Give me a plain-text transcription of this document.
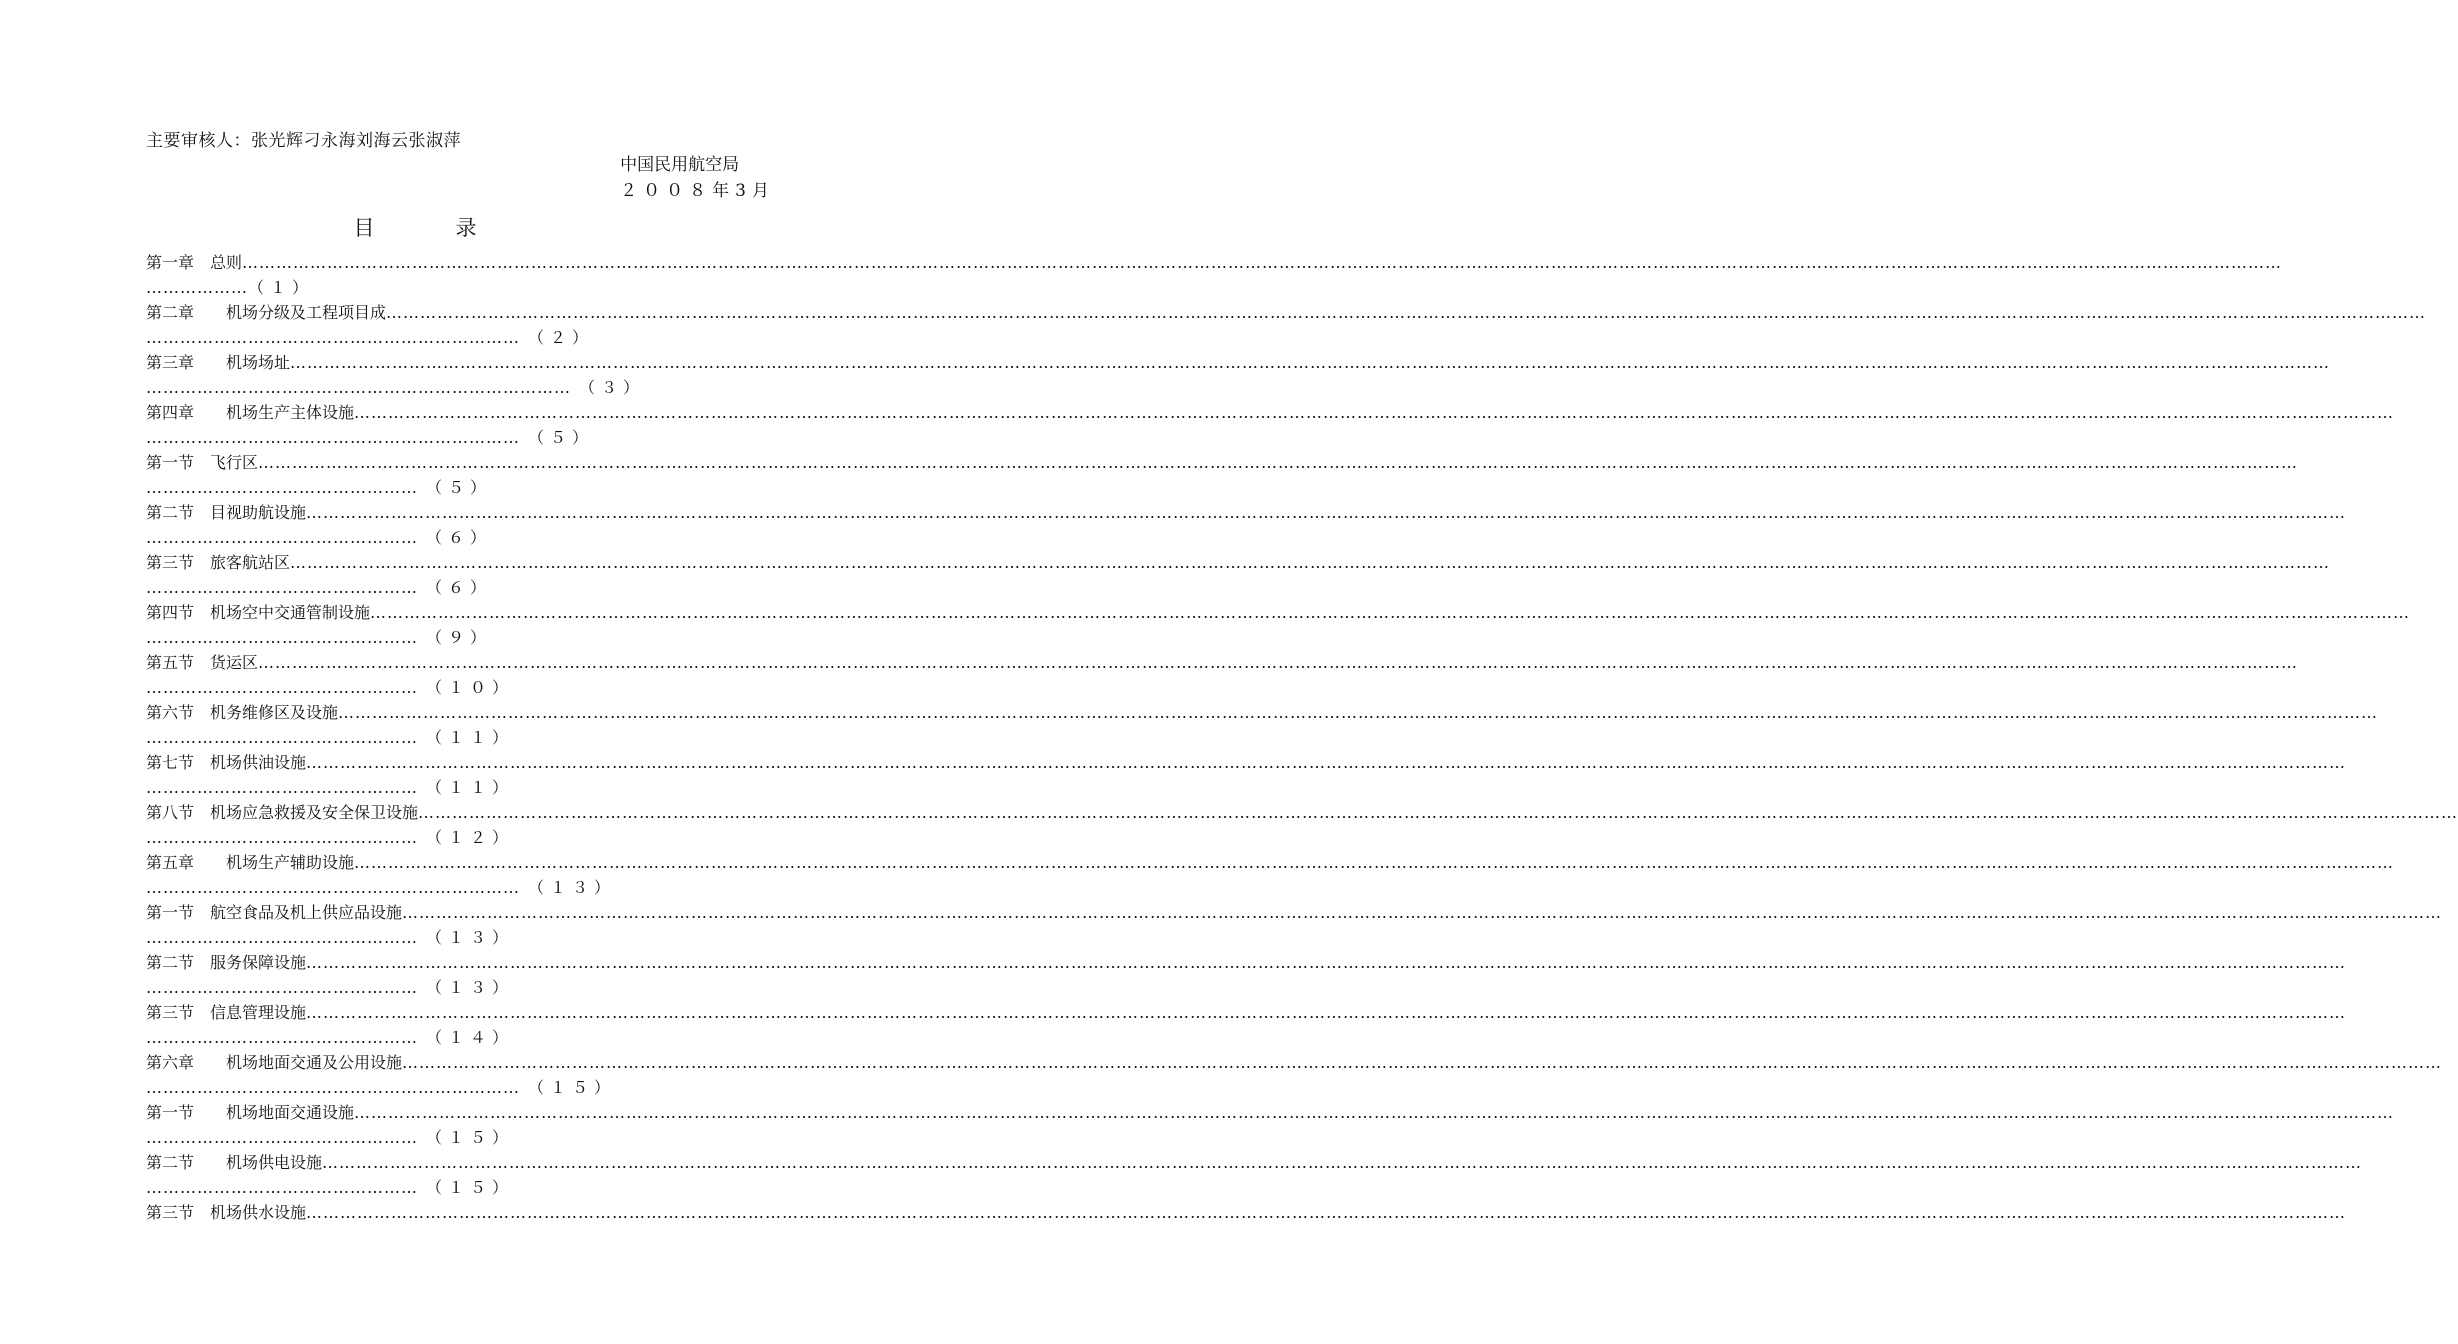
主要审核人：张光辉刁永海刘海云张淑萍
中国民用航空局
２００８年3月
目　录
第一章　总则 ………………………………………………………………………………………………………………………………………………………………………………………………………………………………………………………………………………………………………………………………
………………（１）
第二章　　机场分级及工程项目成 ………………………………………………………………………………………………………………………………………………………………………………………………………………………………………………………………………………………………………………………………
…………………………………………………………　 （２）
第三章　　机场场址 ………………………………………………………………………………………………………………………………………………………………………………………………………………………………………………………………………………………………………………………………
…………………………………………………………………　 （３）
第四章　　机场生产主体设施 ………………………………………………………………………………………………………………………………………………………………………………………………………………………………………………………………………………………………………………………………
…………………………………………………………　 （５）
第一节　飞行区 ………………………………………………………………………………………………………………………………………………………………………………………………………………………………………………………………………………………………………………………………
…………………………………………　 （５）
第二节　目视助航设施 ………………………………………………………………………………………………………………………………………………………………………………………………………………………………………………………………………………………………………………………………
…………………………………………　 （６）
第三节　旅客航站区 ………………………………………………………………………………………………………………………………………………………………………………………………………………………………………………………………………………………………………………………………
…………………………………………　 （６）
第四节　机场空中交通管制设施 ………………………………………………………………………………………………………………………………………………………………………………………………………………………………………………………………………………………………………………………………
…………………………………………　 （９）
第五节　货运区 ………………………………………………………………………………………………………………………………………………………………………………………………………………………………………………………………………………………………………………………………
…………………………………………　 （１０）
第六节　机务维修区及设施 ………………………………………………………………………………………………………………………………………………………………………………………………………………………………………………………………………………………………………………………………
…………………………………………　 （１１）
第七节　机场供油设施 ………………………………………………………………………………………………………………………………………………………………………………………………………………………………………………………………………………………………………………………………
…………………………………………　 （１１）
第八节　机场应急救援及安全保卫设施 ………………………………………………………………………………………………………………………………………………………………………………………………………………………………………………………………………………………………………………………………
…………………………………………　 （１２）
第五章　　机场生产辅助设施 ………………………………………………………………………………………………………………………………………………………………………………………………………………………………………………………………………………………………………………………………
…………………………………………………………　 （１３）
第一节　航空食品及机上供应品设施 ………………………………………………………………………………………………………………………………………………………………………………………………………………………………………………………………………………………………………………………………
…………………………………………　 （１３）
第二节　服务保障设施 ………………………………………………………………………………………………………………………………………………………………………………………………………………………………………………………………………………………………………………………………
…………………………………………　 （１３）
第三节　信息管理设施 ………………………………………………………………………………………………………………………………………………………………………………………………………………………………………………………………………………………………………………………………
…………………………………………　 （１４）
第六章　　机场地面交通及公用设施 ………………………………………………………………………………………………………………………………………………………………………………………………………………………………………………………………………………………………………………………………
…………………………………………………………　 （１５）
第一节　　机场地面交通设施 ………………………………………………………………………………………………………………………………………………………………………………………………………………………………………………………………………………………………………………………………
…………………………………………　 （１５）
第二节　　机场供电设施 ………………………………………………………………………………………………………………………………………………………………………………………………………………………………………………………………………………………………………………………………
…………………………………………　 （１５）
第三节　机场供水设施 ………………………………………………………………………………………………………………………………………………………………………………………………………………………………………………………………………………………………………………………………
